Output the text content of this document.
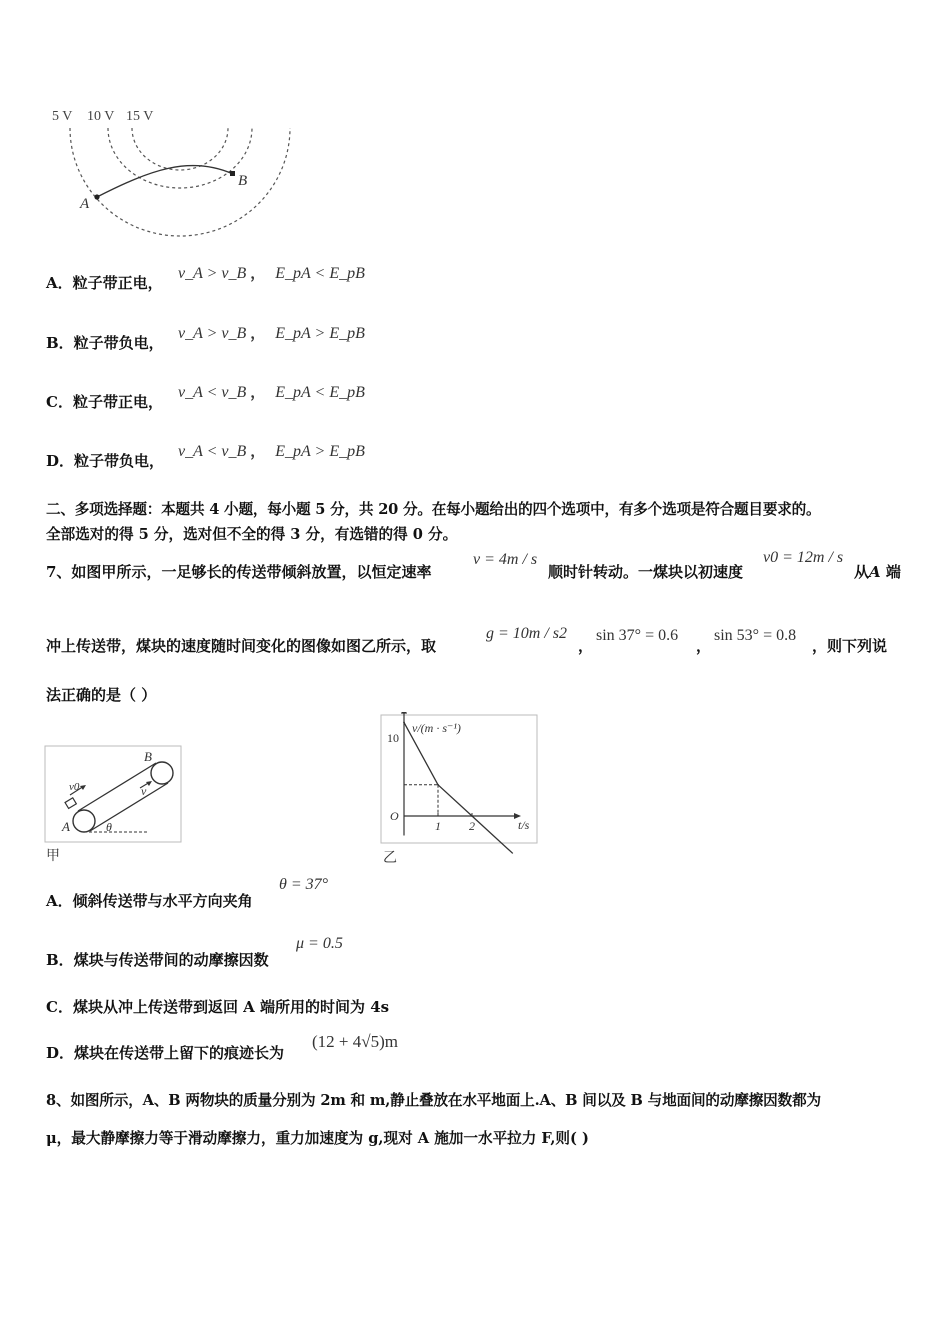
5 V 10 V 15 V
A
B
A．粒子带正电，
v_A > v_B ， E_pA < E_pB
B．粒子带负电，
v_A > v_B ， E_pA > E_pB
C．粒子带正电，
v_A < v_B ， E_pA < E_pB
D．粒子带负电，
v_A < v_B ， E_pA > E_pB
二、多项选择题：本题共 4 小题，每小题 5 分，共 20 分。在每小题给出的四个选项中，有多个选项是符合题目要求的。
全部选对的得 5 分，选对但不全的得 3 分，有选错的得 0 分。
7、如图甲所示，一足够长的传送带倾斜放置，以恒定速率
v = 4m / s
顺时针转动。一煤块以初速度
v0 = 12m / s
从A 端
冲上传送带，煤块的速度随时间变化的图像如图乙所示，取
g = 10m / s2
，
sin 37° = 0.6
，
sin 53° = 0.8
，则下列说
法正确的是（ ）
B
A
v0	v
θ
甲
1 2
10
v/(m · s⁻¹)
t/s
O
乙
A．倾斜传送带与水平方向夹角
θ = 37°
B．煤块与传送带间的动摩擦因数
μ = 0.5
C．煤块从冲上传送带到返回 A 端所用的时间为 4s
D．煤块在传送带上留下的痕迹长为
(12 + 4√5)m
8、如图所示，A、B 两物块的质量分别为 2m 和 m,静止叠放在水平地面上.A、B 间以及 B 与地面间的动摩擦因数都为
μ，最大静摩擦力等于滑动摩擦力，重力加速度为 g,现对 A 施加一水平拉力 F,则( )
